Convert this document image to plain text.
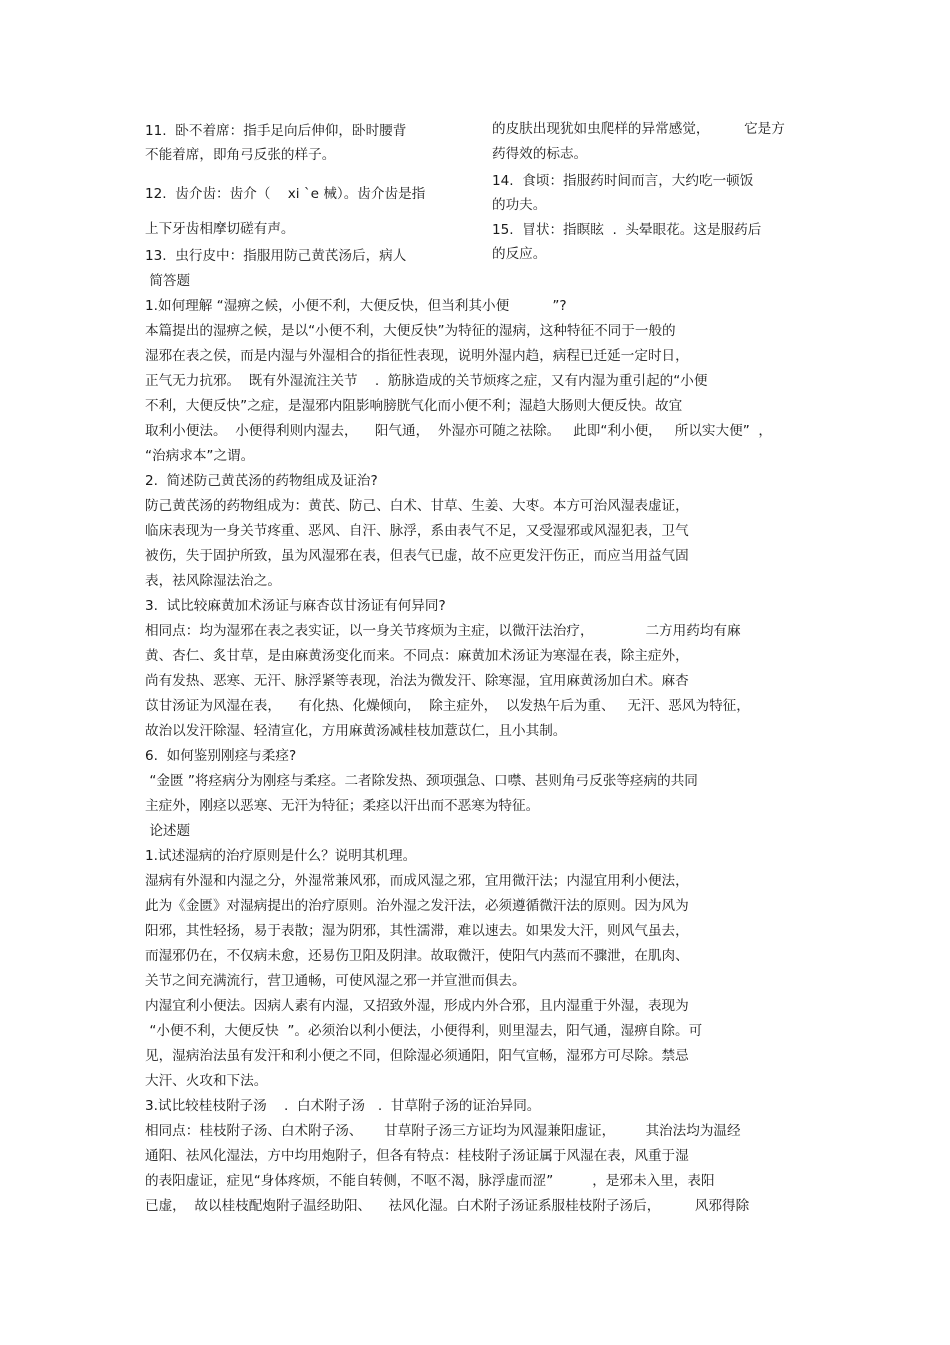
11.  卧不着席：指手足向后伸仰，卧时腰背

不能着席，即角弓反张的样子。

12.  齿介齿：齿介（    xi `e 械）。齿介齿是指

上下牙齿相摩切磋有声。

13.  虫行皮中：指服用防己黄芪汤后，病人

的皮肤出现犹如虫爬样的异常感觉，        它是方

药得效的标志。

14.  食顷：指服药时间而言，大约吃一顿饭

的功夫。

15.  冒状：指瞑眩  .  头晕眼花。这是服药后

的反应。

简答题

1.如何理解 “湿痹之候，小便不利，大便反快，但当利其小便          ”?

本篇提出的湿痹之候，是以“小便不利，大便反快”为特征的湿病，这种特征不同于一般的

湿邪在表之侯，而是内湿与外湿相合的指征性表现，说明外湿内趋，病程已迁延一定时日，

正气无力抗邪。  既有外湿流注关节    .  筋脉造成的关节烦疼之症，又有内湿为重引起的“小便

不利，大便反快”之症，是湿邪内阻影响膀胱气化而小便不利；湿趋大肠则大便反快。故宜

取利小便法。  小便得利则内湿去，    阳气通，  外湿亦可随之祛除。   此即“利小便，   所以实大便”  ，

“治病求本”之谓。

2.  简述防己黄芪汤的药物组成及证治?

防己黄芪汤的药物组成为：黄芪、防己、白术、甘草、生姜、大枣。本方可治风湿表虚证，

临床表现为一身关节疼重、恶风、自汗、脉浮，系由表气不足，又受湿邪或风湿犯表，卫气

被伤，失于固护所致，虽为风湿邪在表，但表气已虚，故不应更发汗伤正，而应当用益气固

表，祛风除湿法治之。

3.  试比较麻黄加术汤证与麻杏苡甘汤证有何异同?

相同点：均为湿邪在表之表实证，以一身关节疼烦为主症，以微汗法治疗，            二方用药均有麻

黄、杏仁、炙甘草，是由麻黄汤变化而来。不同点：麻黄加术汤证为寒湿在表，除主症外，

尚有发热、恶寒、无汗、脉浮紧等表现，治法为微发汗、除寒湿，宜用麻黄汤加白术。麻杏

苡甘汤证为风湿在表，    有化热、化燥倾向，  除主症外，  以发热午后为重、   无汗、恶风为特征，

故治以发汗除湿、轻清宣化，方用麻黄汤减桂枝加薏苡仁，且小其制。

6.  如何鉴别刚痉与柔痉?

“金匮 ”将痉病分为刚痉与柔痉。二者除发热、颈项强急、口噤、甚则角弓反张等痉病的共同

主症外，刚痉以恶寒、无汗为特征；柔痉以汗出而不恶寒为特征。

论述题

1.试述湿病的治疗原则是什么？说明其机理。

湿病有外湿和内湿之分，外湿常兼风邪，而成风湿之邪，宜用微汗法；内湿宜用利小便法，

此为《金匮》对湿病提出的治疗原则。治外湿之发汗法，必须遵循微汗法的原则。因为风为

阳邪，其性轻扬，易于表散；湿为阴邪，其性濡滞，难以速去。如果发大汗，则风气虽去，

而湿邪仍在，不仅病未愈，还易伤卫阳及阴津。故取微汗，使阳气内蒸而不骤泄，在肌肉、

关节之间充满流行，营卫通畅，可使风湿之邪一并宣泄而俱去。

内湿宜利小便法。因病人素有内湿，又招致外湿，形成内外合邪，且内湿重于外湿，表现为

“小便不利，大便反快  ”。必须治以利小便法，小便得利，则里湿去，阳气通，湿痹自除。可

见，湿病治法虽有发汗和利小便之不同，但除湿必须通阳，阳气宣畅，湿邪方可尽除。禁忌

大汗、火攻和下法。

3.试比较桂枝附子汤    .  白术附子汤   .  甘草附子汤的证治异同。

相同点：桂枝附子汤、白术附子汤、     甘草附子汤三方证均为风湿兼阳虚证，       其治法均为温经

通阳、祛风化湿法，方中均用炮附子，但各有特点：桂枝附子汤证属于风湿在表，风重于湿

的表阳虚证，症见“身体疼烦，不能自转侧，不呕不渴，脉浮虚而涩”         ，是邪未入里，表阳

已虚，  故以桂枝配炮附子温经助阳、    祛风化湿。白术附子汤证系服桂枝附子汤后，        风邪得除
